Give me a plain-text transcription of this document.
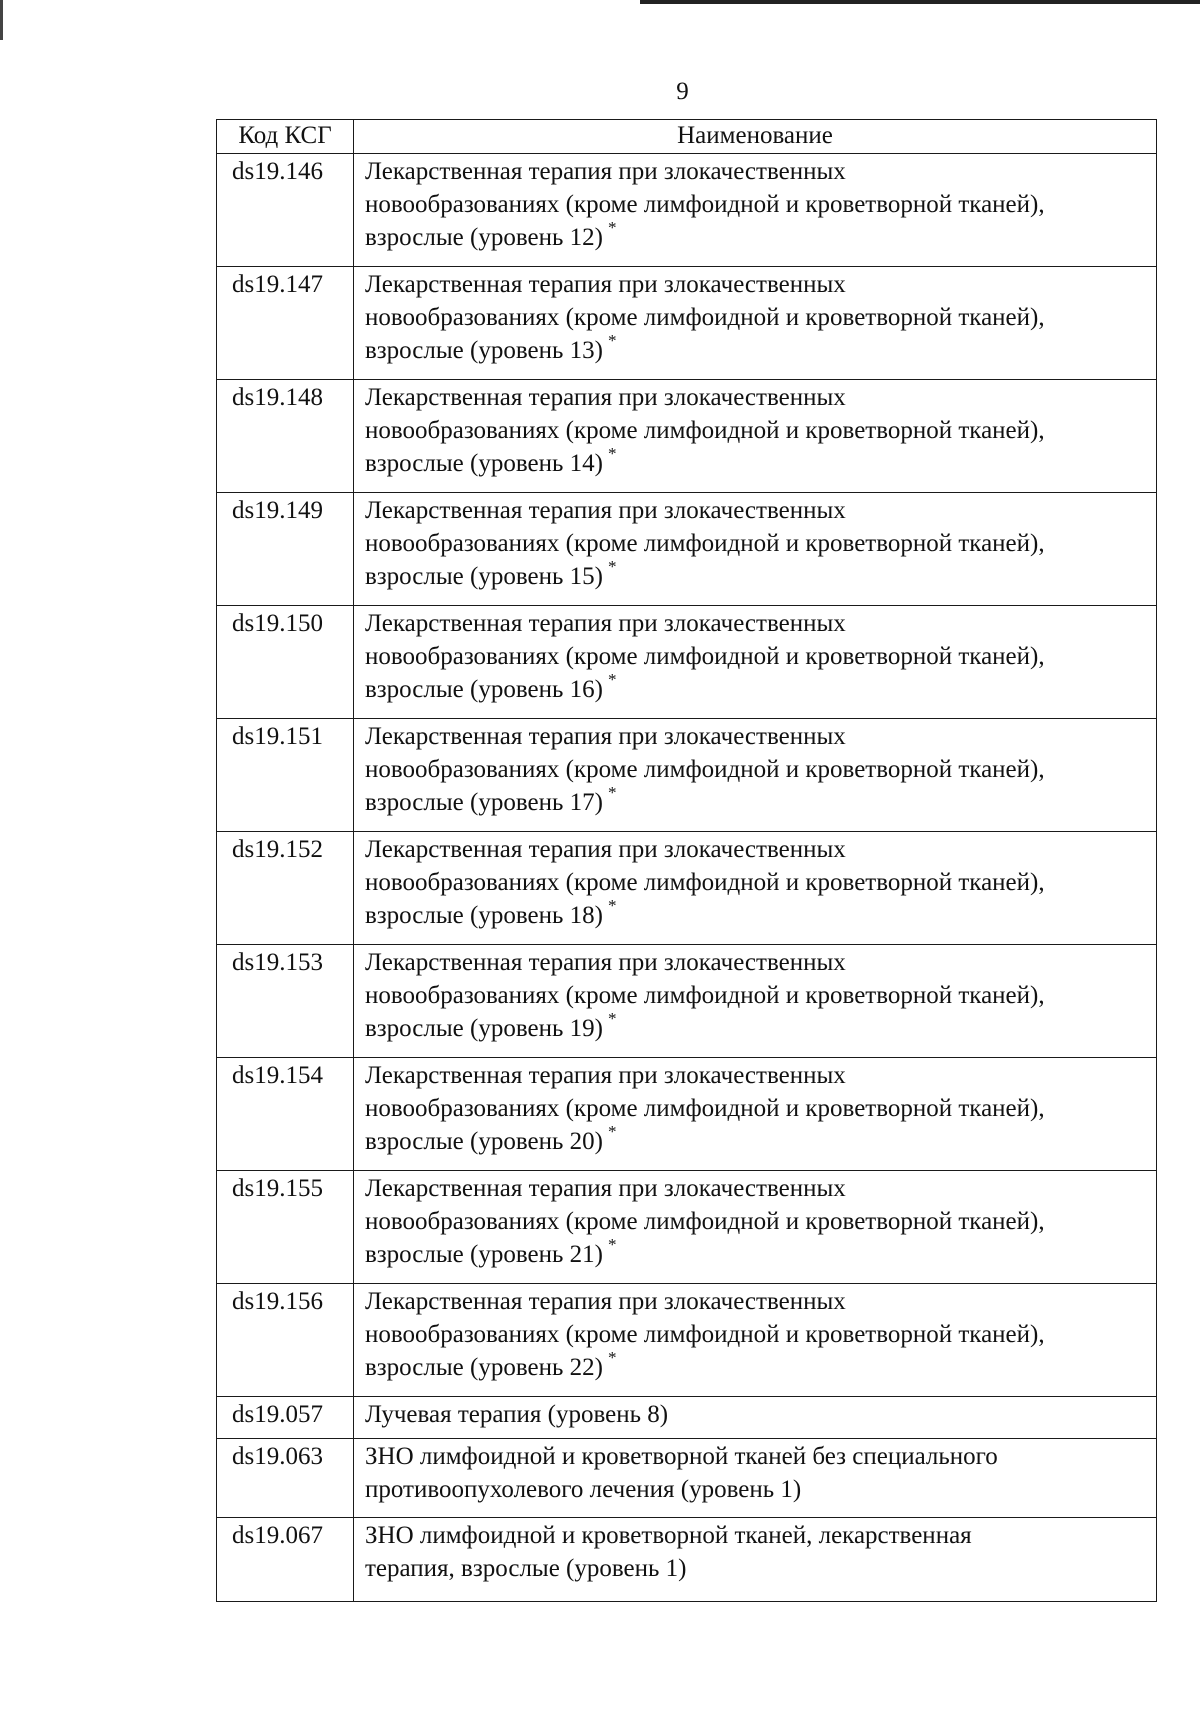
9
Код КСГ	Наименование
ds19.146	Лекарственная терапия при злокачественных
новообразованиях (кроме лимфоидной и кроветворной тканей),
взрослые (уровень 12) *

ds19.147	Лекарственная терапия при злокачественных
новообразованиях (кроме лимфоидной и кроветворной тканей),
взрослые (уровень 13) *

ds19.148	Лекарственная терапия при злокачественных
новообразованиях (кроме лимфоидной и кроветворной тканей),
взрослые (уровень 14) *

ds19.149	Лекарственная терапия при злокачественных
новообразованиях (кроме лимфоидной и кроветворной тканей),
взрослые (уровень 15) *

ds19.150	Лекарственная терапия при злокачественных
новообразованиях (кроме лимфоидной и кроветворной тканей),
взрослые (уровень 16) *

ds19.151	Лекарственная терапия при злокачественных
новообразованиях (кроме лимфоидной и кроветворной тканей),
взрослые (уровень 17) *

ds19.152	Лекарственная терапия при злокачественных
новообразованиях (кроме лимфоидной и кроветворной тканей),
взрослые (уровень 18) *

ds19.153	Лекарственная терапия при злокачественных
новообразованиях (кроме лимфоидной и кроветворной тканей),
взрослые (уровень 19) *

ds19.154	Лекарственная терапия при злокачественных
новообразованиях (кроме лимфоидной и кроветворной тканей),
взрослые (уровень 20) *

ds19.155	Лекарственная терапия при злокачественных
новообразованиях (кроме лимфоидной и кроветворной тканей),
взрослые (уровень 21) *

ds19.156	Лекарственная терапия при злокачественных
новообразованиях (кроме лимфоидной и кроветворной тканей),
взрослые (уровень 22) *

ds19.057	Лучевая терапия (уровень 8)

ds19.063	ЗНО лимфоидной и кроветворной тканей без специального
противоопухолевого лечения (уровень 1)

ds19.067	ЗНО лимфоидной и кроветворной тканей, лекарственная
терапия, взрослые (уровень 1)
